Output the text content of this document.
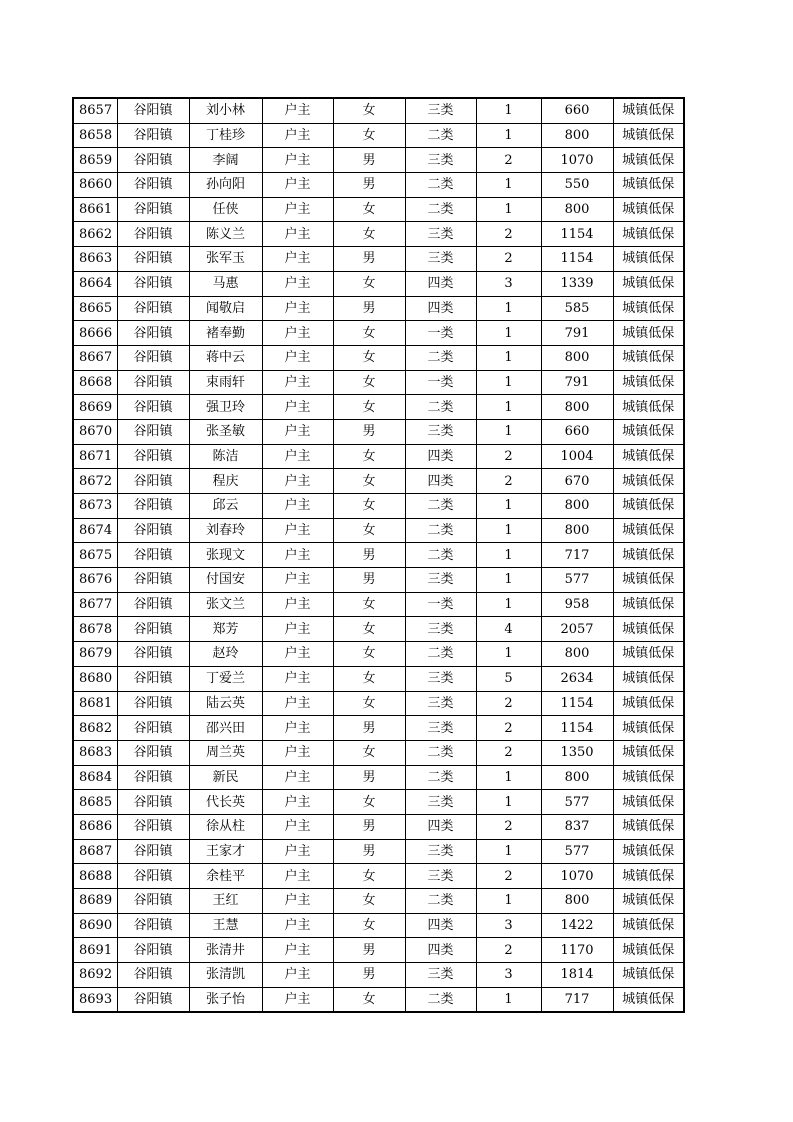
8657	谷阳镇	刘小林	户主	女	三类	1	660	城镇低保
8658	谷阳镇	丁桂珍	户主	女	二类	1	800	城镇低保
8659	谷阳镇	李阔	户主	男	三类	2	1070	城镇低保
8660	谷阳镇	孙向阳	户主	男	二类	1	550	城镇低保
8661	谷阳镇	任侠	户主	女	二类	1	800	城镇低保
8662	谷阳镇	陈义兰	户主	女	三类	2	1154	城镇低保
8663	谷阳镇	张军玉	户主	男	三类	2	1154	城镇低保
8664	谷阳镇	马惠	户主	女	四类	3	1339	城镇低保
8665	谷阳镇	闻敬启	户主	男	四类	1	585	城镇低保
8666	谷阳镇	褚奉勤	户主	女	一类	1	791	城镇低保
8667	谷阳镇	蒋中云	户主	女	二类	1	800	城镇低保
8668	谷阳镇	束雨轩	户主	女	一类	1	791	城镇低保
8669	谷阳镇	强卫玲	户主	女	二类	1	800	城镇低保
8670	谷阳镇	张圣敏	户主	男	三类	1	660	城镇低保
8671	谷阳镇	陈洁	户主	女	四类	2	1004	城镇低保
8672	谷阳镇	程庆	户主	女	四类	2	670	城镇低保
8673	谷阳镇	邱云	户主	女	二类	1	800	城镇低保
8674	谷阳镇	刘春玲	户主	女	二类	1	800	城镇低保
8675	谷阳镇	张现文	户主	男	二类	1	717	城镇低保
8676	谷阳镇	付国安	户主	男	三类	1	577	城镇低保
8677	谷阳镇	张文兰	户主	女	一类	1	958	城镇低保
8678	谷阳镇	郑芳	户主	女	三类	4	2057	城镇低保
8679	谷阳镇	赵玲	户主	女	二类	1	800	城镇低保
8680	谷阳镇	丁爱兰	户主	女	三类	5	2634	城镇低保
8681	谷阳镇	陆云英	户主	女	三类	2	1154	城镇低保
8682	谷阳镇	邵兴田	户主	男	三类	2	1154	城镇低保
8683	谷阳镇	周兰英	户主	女	二类	2	1350	城镇低保
8684	谷阳镇	新民	户主	男	二类	1	800	城镇低保
8685	谷阳镇	代长英	户主	女	三类	1	577	城镇低保
8686	谷阳镇	徐从柱	户主	男	四类	2	837	城镇低保
8687	谷阳镇	王家才	户主	男	三类	1	577	城镇低保
8688	谷阳镇	余桂平	户主	女	三类	2	1070	城镇低保
8689	谷阳镇	王红	户主	女	二类	1	800	城镇低保
8690	谷阳镇	王慧	户主	女	四类	3	1422	城镇低保
8691	谷阳镇	张清井	户主	男	四类	2	1170	城镇低保
8692	谷阳镇	张清凯	户主	男	三类	3	1814	城镇低保
8693	谷阳镇	张子怡	户主	女	二类	1	717	城镇低保
